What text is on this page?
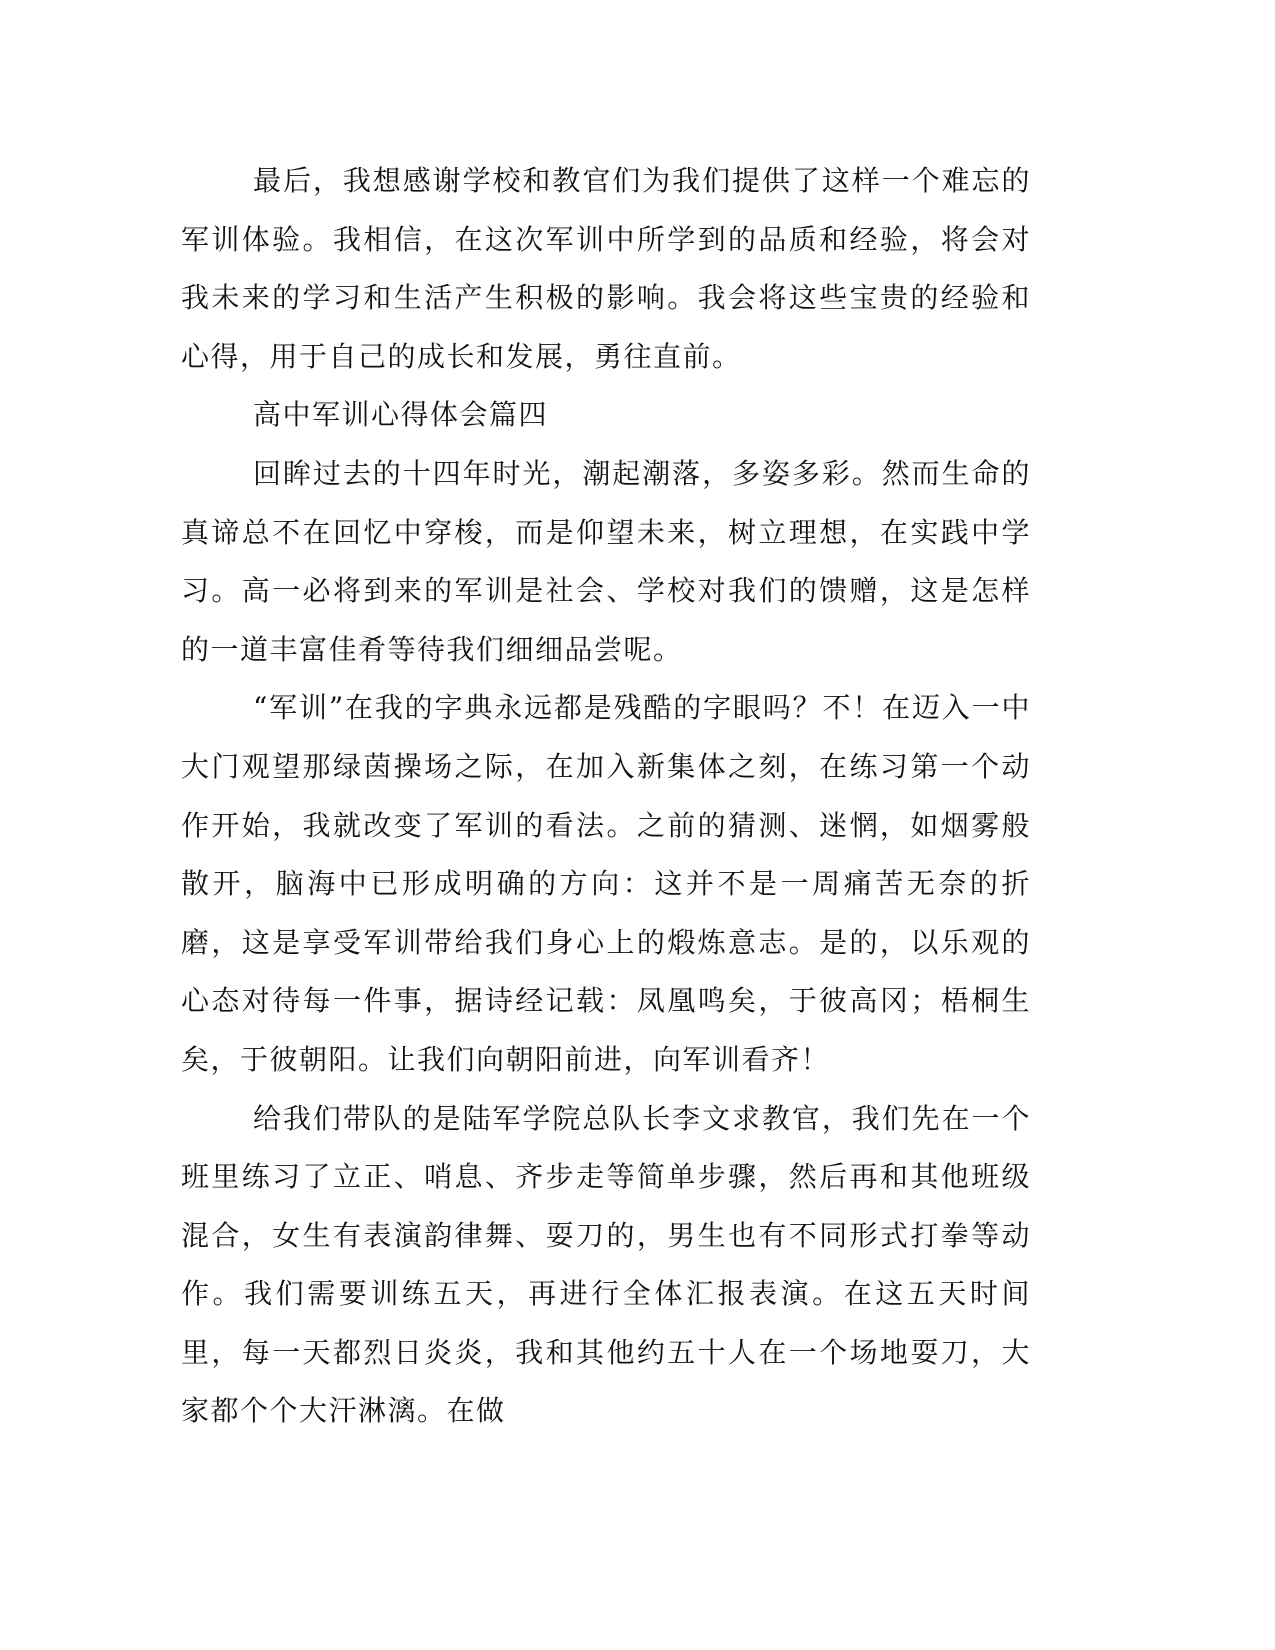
最后，我想感谢学校和教官们为我们提供了这样一个难忘的军训体验。我相信，在这次军训中所学到的品质和经验，将会对我未来的学习和生活产生积极的影响。我会将这些宝贵的经验和心得，用于自己的成长和发展，勇往直前。

高中军训心得体会篇四

回眸过去的十四年时光，潮起潮落，多姿多彩。然而生命的真谛总不在回忆中穿梭，而是仰望未来，树立理想，在实践中学习。高一必将到来的军训是社会、学校对我们的馈赠，这是怎样的一道丰富佳肴等待我们细细品尝呢。

“军训”在我的字典永远都是残酷的字眼吗？不！在迈入一中大门观望那绿茵操场之际，在加入新集体之刻，在练习第一个动作开始，我就改变了军训的看法。之前的猜测、迷惘，如烟雾般散开，脑海中已形成明确的方向：这并不是一周痛苦无奈的折磨，这是享受军训带给我们身心上的煅炼意志。是的，以乐观的心态对待每一件事，据诗经记载：凤凰鸣矣，于彼高冈；梧桐生矣，于彼朝阳。让我们向朝阳前进，向军训看齐！

给我们带队的是陆军学院总队长李文求教官，我们先在一个班里练习了立正、哨息、齐步走等简单步骤，然后再和其他班级混合，女生有表演韵律舞、耍刀的，男生也有不同形式打拳等动作。我们需要训练五天，再进行全体汇报表演。在这五天时间里，每一天都烈日炎炎，我和其他约五十人在一个场地耍刀，大家都个个大汗淋漓。在做
